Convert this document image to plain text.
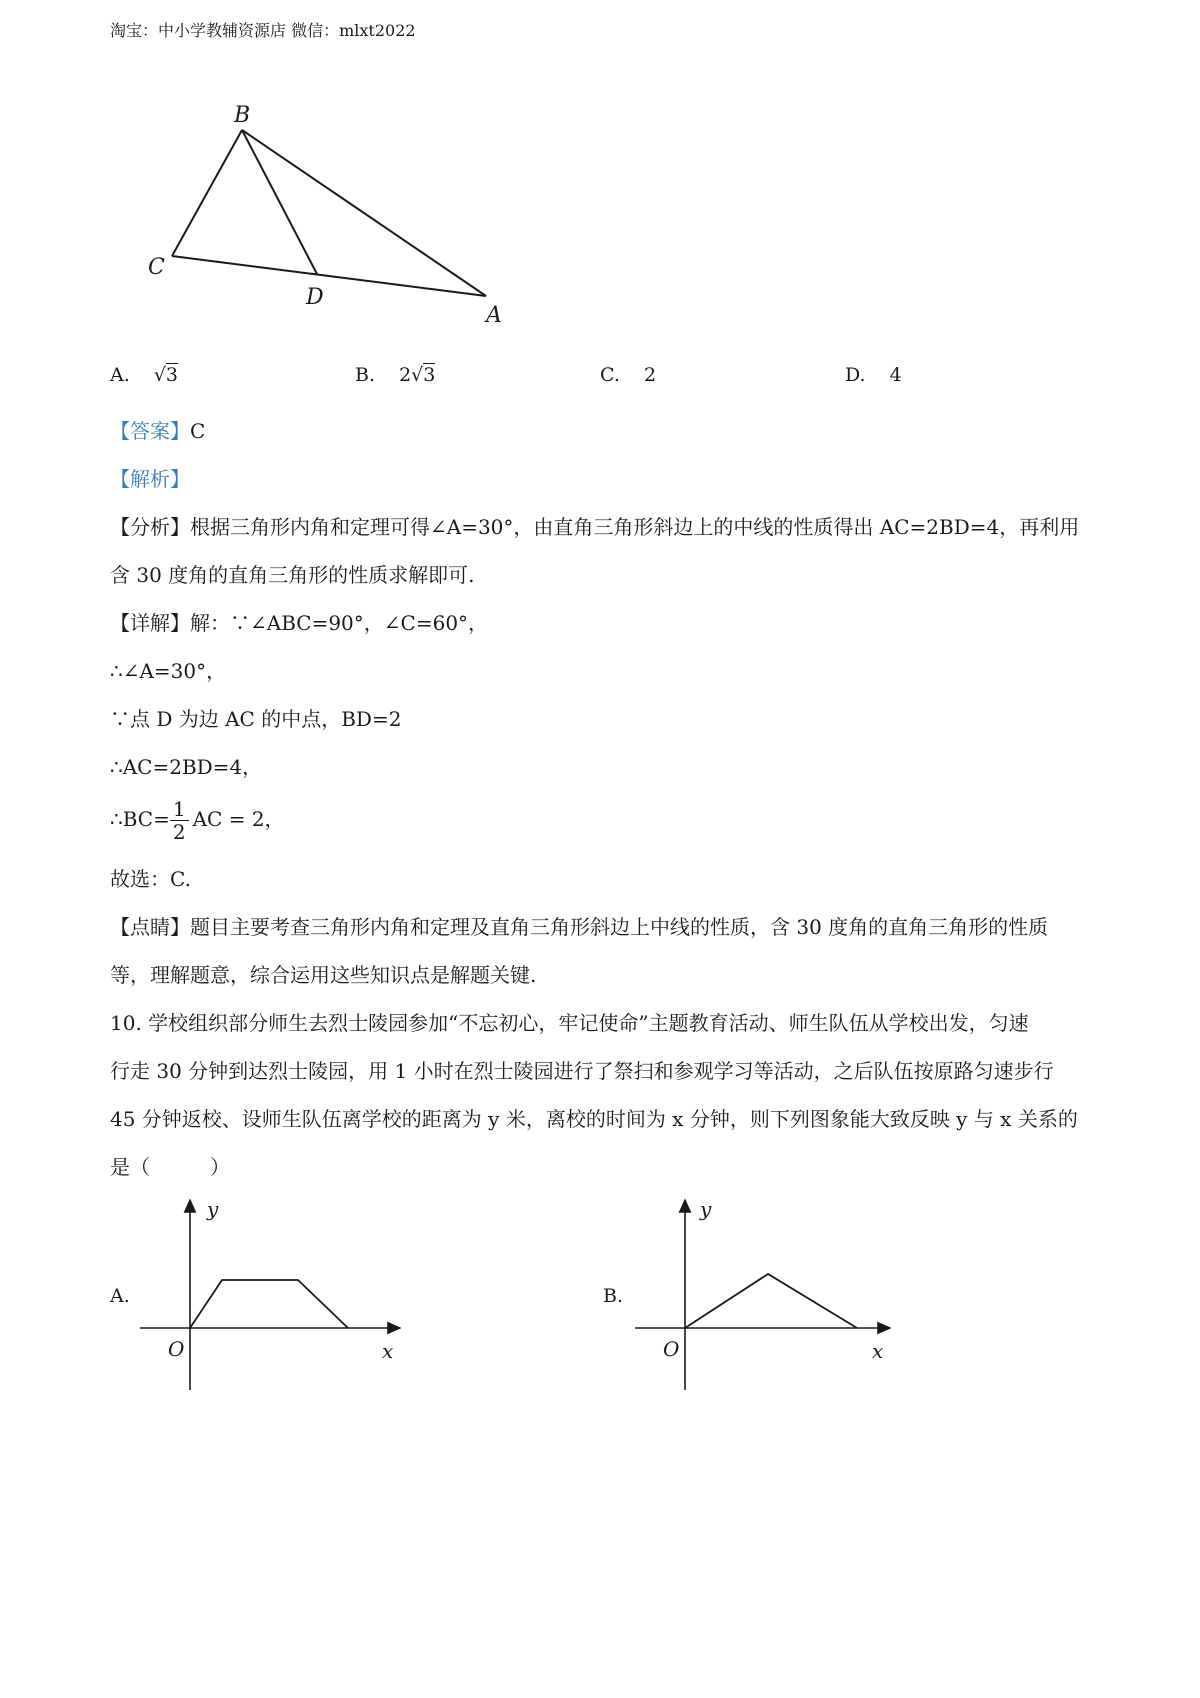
淘宝：中小学教辅资源店 微信：mlxt2022
B
C
D
A
A. √3	B. 2√3	C. 2	D. 4
【答案】C
【解析】
【分析】根据三角形内角和定理可得∠A=30°，由直角三角形斜边上的中线的性质得出 AC=2BD=4，再利用
含 30 度角的直角三角形的性质求解即可.
【详解】解：∵∠ABC=90°，∠C=60°，
∴∠A=30°，
∵点 D 为边 AC 的中点，BD=2
∴AC=2BD=4，
∴BC= $\frac{1}{2}$ AC = 2，
故选：C.
【点睛】题目主要考查三角形内角和定理及直角三角形斜边上中线的性质，含 30 度角的直角三角形的性质
等，理解题意，综合运用这些知识点是解题关键.
10. 学校组织部分师生去烈士陵园参加“不忘初心，牢记使命”主题教育活动、师生队伍从学校出发，匀速
行走 30 分钟到达烈士陵园，用 1 小时在烈士陵园进行了祭扫和参观学习等活动，之后队伍按原路匀速步行
45 分钟返校、设师生队伍离学校的距离为 y 米，离校的时间为 x 分钟，则下列图象能大致反映 y 与 x 关系的
是（　　　）
A.
y
x
O
B.
y
x
O
